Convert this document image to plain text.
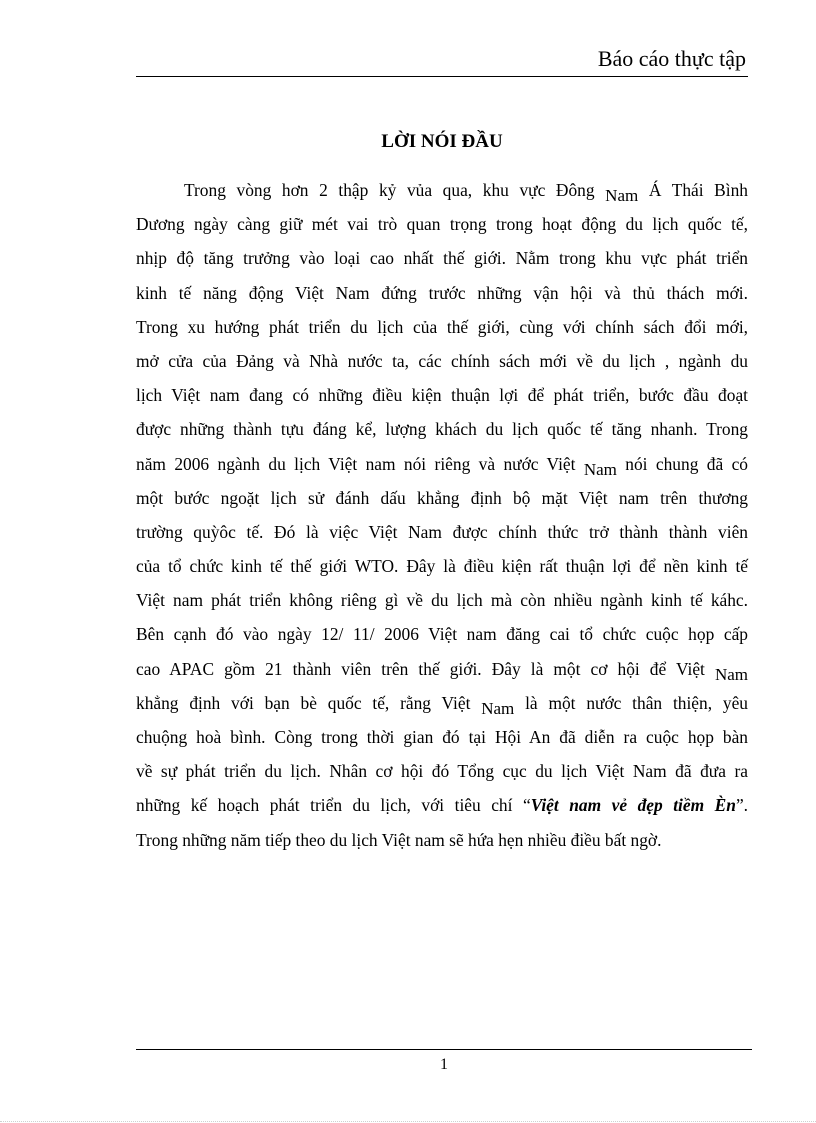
Báo cáo thực tập
LỜI NÓI ĐẦU
Trong vòng hơn 2 thập kỷ vủa qua, khu vực Đông Nam Á Thái Bình
Dương ngày càng giữ mét vai trò quan trọng trong hoạt động du lịch quốc tế,
nhịp độ tăng trưởng vào loại cao nhất thế giới. Nằm trong khu vực phát triển
kinh tế năng động Việt Nam đứng trước những vận hội và thủ thách mới.
Trong xu hướng phát triển du lịch của thế giới, cùng với chính sách đổi mới,
mở cửa của Đảng và Nhà nước ta, các chính sách mới về du lịch , ngành du
lịch Việt nam đang có những điều kiện thuận lợi để phát triển, bước đầu đoạt
được những thành tựu đáng kể, lượng khách du lịch quốc tế tăng nhanh. Trong
năm 2006 ngành du lịch Việt nam nói riêng và nước Việt Nam nói chung đã có
một bước ngoặt lịch sử đánh dấu khẳng định bộ mặt Việt nam trên thương
trường quỳôc tế. Đó là việc Việt Nam được chính thức trở thành thành viên
của tổ chức kinh tế thế giới WTO. Đây là điều kiện rất thuận lợi để nền kinh tế
Việt nam phát triển không riêng gì về du lịch mà còn nhiều ngành kinh tế káhc.
Bên cạnh đó vào ngày 12/ 11/ 2006 Việt nam đăng cai tổ chức cuộc họp cấp
cao APAC gồm 21 thành viên trên thế giới. Đây là một cơ hội để Việt Nam
khẳng định với bạn bè quốc tế, rằng Việt Nam là một nước thân thiện, yêu
chuộng hoà bình. Còng trong thời gian đó tại Hội An đã diễn ra cuộc họp bàn
về sự phát triển du lịch. Nhân cơ hội đó Tổng cục du lịch Việt Nam đã đưa ra
những kế hoạch phát triển du lịch, với tiêu chí “Việt nam vẻ đẹp tiềm Èn”.
Trong những năm tiếp theo du lịch Việt nam sẽ hứa hẹn nhiều điều bất ngờ.
1
